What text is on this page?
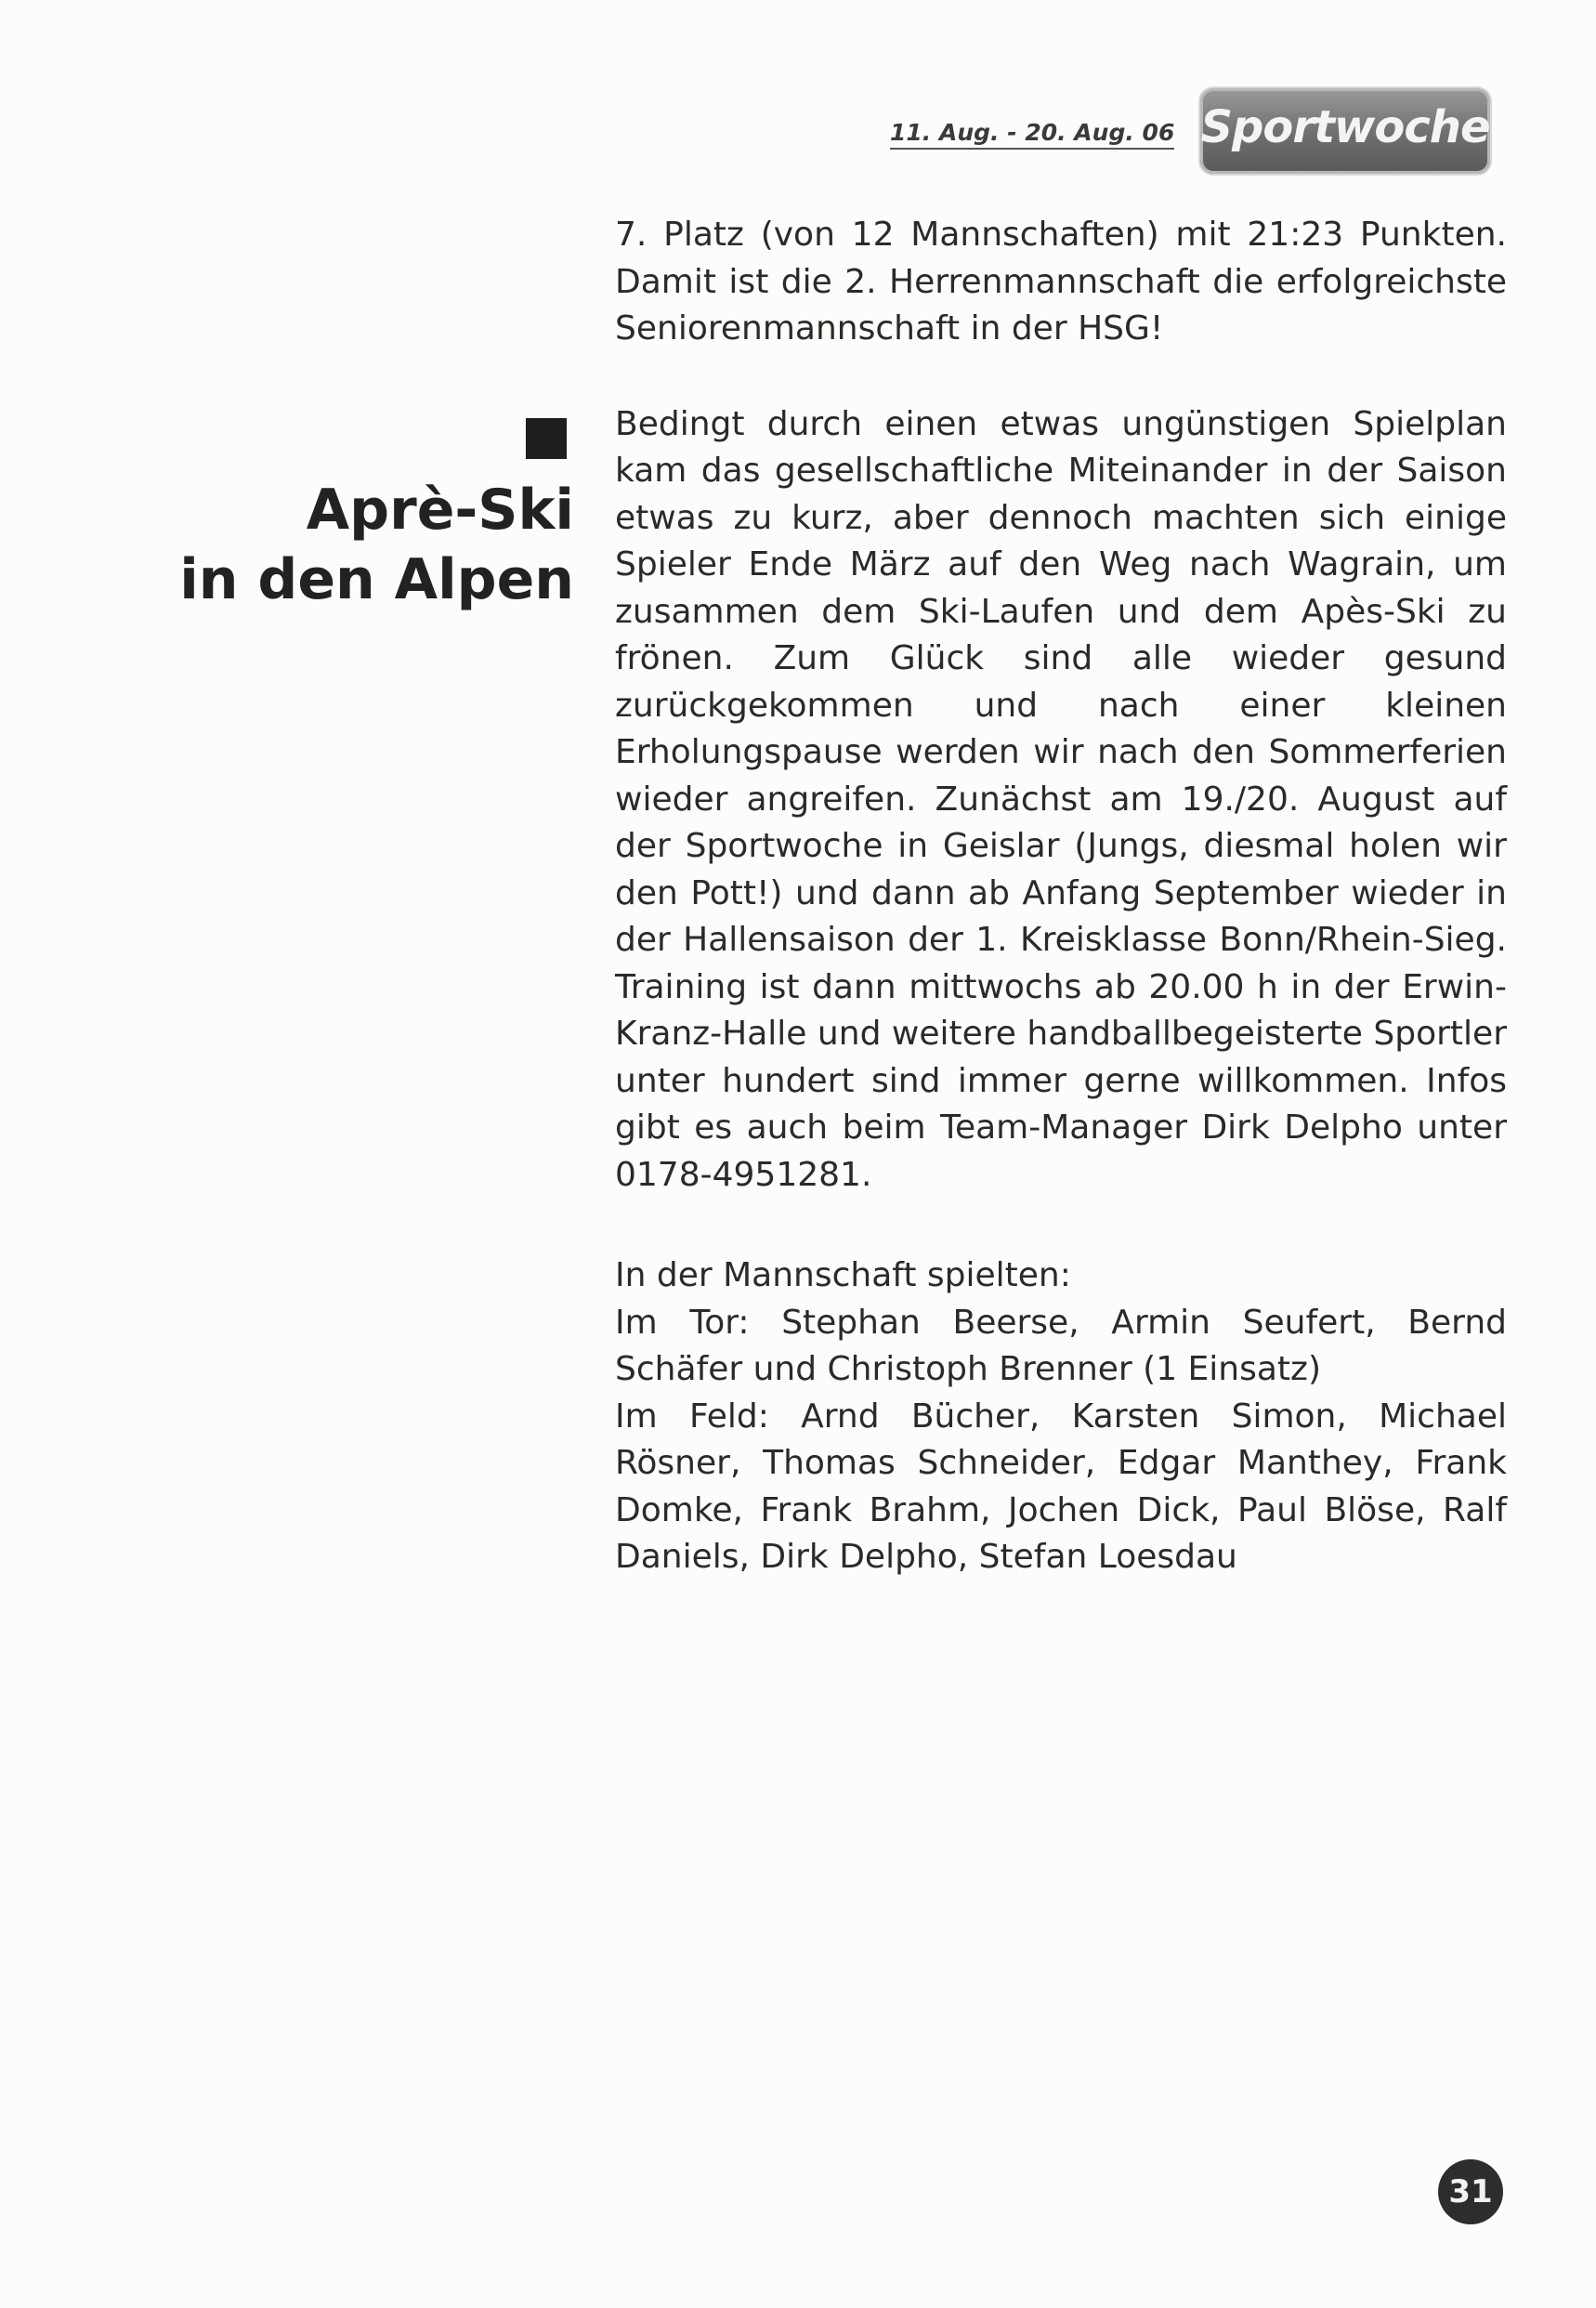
11. Aug. - 20. Aug. 06 Sportwoche
Aprè-Ski
in den Alpen

7. Platz (von 12 Mannschaften) mit 21:23 Punkten. Damit ist die 2. Herrenmannschaft die erfolgreichste Seniorenmannschaft in der HSG!

Bedingt durch einen etwas ungünstigen Spielplan kam das gesellschaftliche Miteinander in der Saison etwas zu kurz, aber dennoch machten sich einige Spieler Ende März auf den Weg nach Wagrain, um zusammen dem Ski-Laufen und dem Apès-Ski zu frönen. Zum Glück sind alle wieder gesund zurückgekommen und nach einer kleinen Erholungspause werden wir nach den Sommerferien wieder angreifen. Zunächst am 19./20. August auf der Sportwoche in Geislar (Jungs, diesmal holen wir den Pott!) und dann ab Anfang September wieder in der Hallensaison der 1. Kreisklasse Bonn/Rhein-Sieg. Training ist dann mittwochs ab 20.00 h in der Erwin-Kranz-Halle und weitere handballbegeisterte Sportler unter hundert sind immer gerne willkommen. Infos gibt es auch beim Team-Manager Dirk Delpho unter 0178-4951281.

In der Mannschaft spielten:

Im Tor: Stephan Beerse, Armin Seufert, Bernd Schäfer und Christoph Brenner (1 Einsatz)

Im Feld: Arnd Bücher, Karsten Simon, Michael Rösner, Thomas Schneider, Edgar Manthey, Frank Domke, Frank Brahm, Jochen Dick, Paul Blöse, Ralf Daniels, Dirk Delpho, Stefan Loesdau

31
